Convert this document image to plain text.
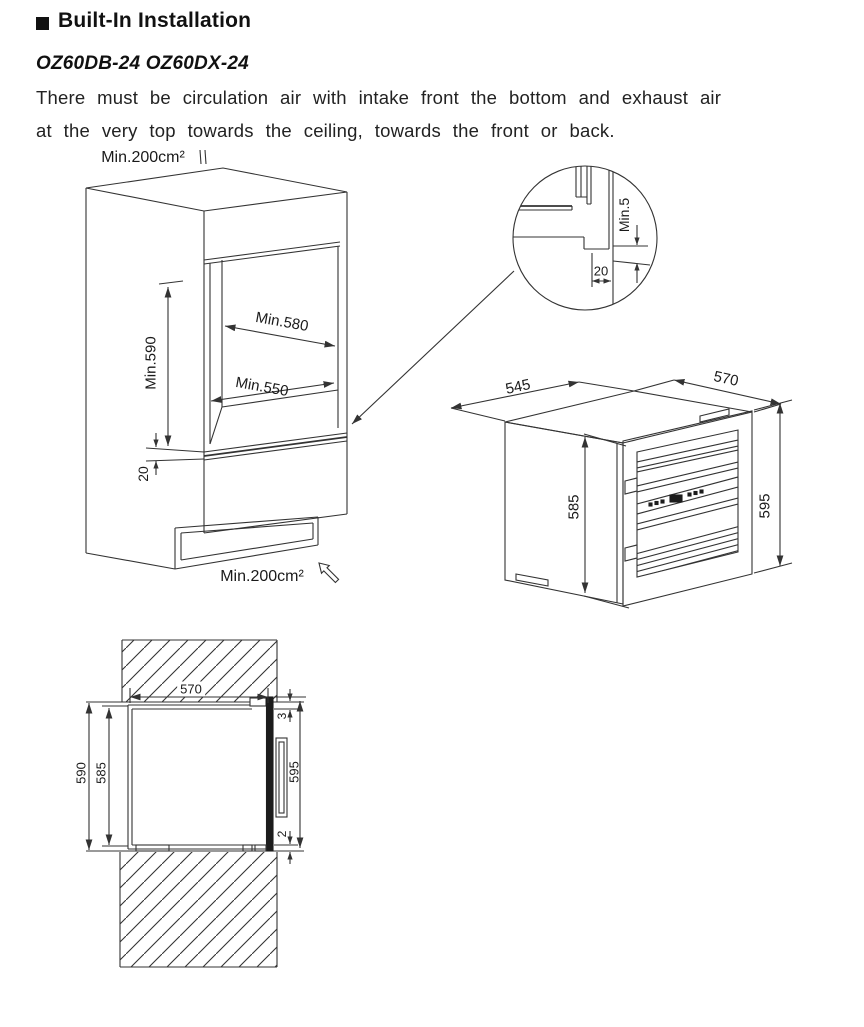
Built-In Installation
OZ60DB-24 OZ60DX-24
There must be circulation air with intake front the bottom and exhaust air
at the very top towards the ceiling, towards the front or back.
Min.200cm²
Min.590
Min.580
Min.550
20
Min.200cm²
Min.5
20
545	570
585	595
570
590 585
3
595
2
